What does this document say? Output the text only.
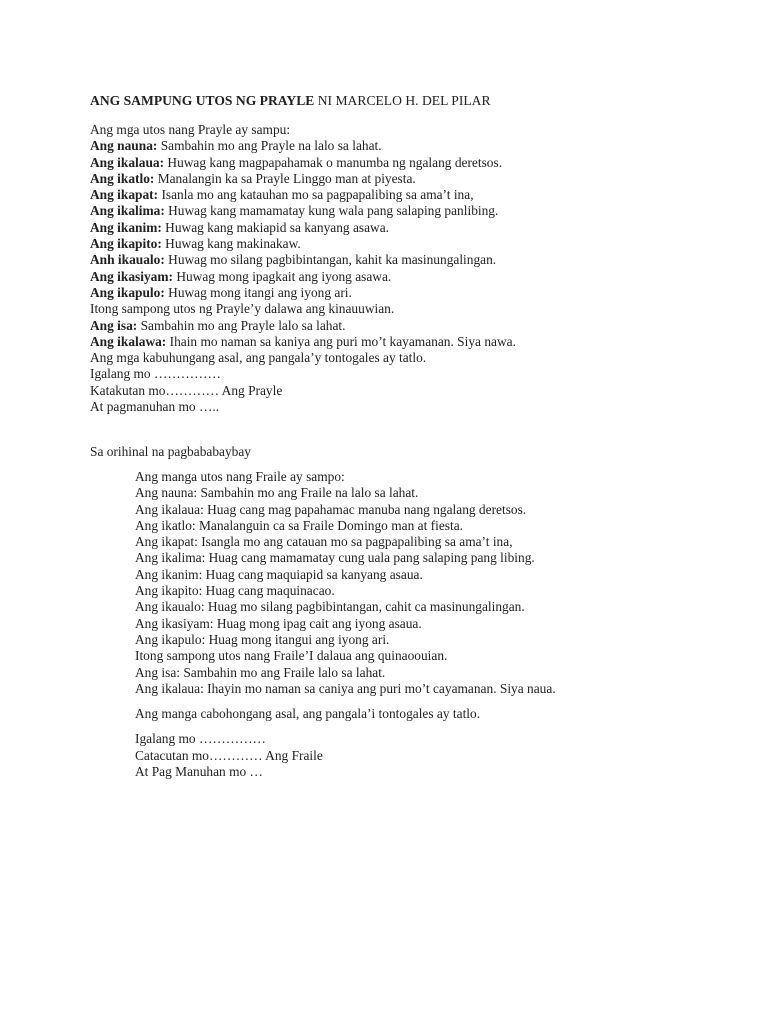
ANG SAMPUNG UTOS NG PRAYLE NI MARCELO H. DEL PILAR
Ang mga utos nang Prayle ay sampu:
Ang nauna: Sambahin mo ang Prayle na lalo sa lahat.
Ang ikalaua: Huwag kang magpapahamak o manumba ng ngalang deretsos.
Ang ikatlo: Manalangin ka sa Prayle Linggo man at piyesta.
Ang ikapat: Isanla mo ang katauhan mo sa pagpapalibing sa ama’t ina,
Ang ikalima: Huwag kang mamamatay kung wala pang salaping panlibing.
Ang ikanim: Huwag kang makiapid sa kanyang asawa.
Ang ikapito: Huwag kang makinakaw.
Anh ikaualo: Huwag mo silang pagbibintangan, kahit ka masinungalingan.
Ang ikasiyam: Huwag mong ipagkait ang iyong asawa.
Ang ikapulo: Huwag mong itangi ang iyong ari.
Itong sampong utos ng Prayle’y dalawa ang kinauuwian.
Ang isa: Sambahin mo ang Prayle lalo sa lahat.
Ang ikalawa: Ihain mo naman sa kaniya ang puri mo’t kayamanan. Siya nawa.
Ang mga kabuhungang asal, ang pangala’y tontogales ay tatlo.
Igalang mo ……………
Katakutan mo………… Ang Prayle
At pagmanuhan mo …..
Sa orihinal na pagbababaybay
Ang manga utos nang Fraile ay sampo:
Ang nauna: Sambahin mo ang Fraile na lalo sa lahat.
Ang ikalaua: Huag cang mag papahamac manuba nang ngalang deretsos.
Ang ikatlo: Manalanguin ca sa Fraile Domingo man at fiesta.
Ang ikapat: Isangla mo ang catauan mo sa pagpapalibing sa ama’t ina,
Ang ikalima: Huag cang mamamatay cung uala pang salaping pang libing.
Ang ikanim: Huag cang maquiapid sa kanyang asaua.
Ang ikapito: Huag cang maquinacao.
Ang ikaualo: Huag mo silang pagbibintangan, cahit ca masinungalingan.
Ang ikasiyam: Huag mong ipag cait ang iyong asaua.
Ang ikapulo: Huag mong itangui ang iyong ari.
Itong sampong utos nang Fraile’I dalaua ang quinaoouian.
Ang isa: Sambahin mo ang Fraile lalo sa lahat.
Ang ikalaua: Ihayin mo naman sa caniya ang puri mo’t cayamanan. Siya naua.
Ang manga cabohongang asal, ang pangala’i tontogales ay tatlo.
Igalang mo ……………
Catacutan mo………… Ang Fraile
At Pag Manuhan mo …
